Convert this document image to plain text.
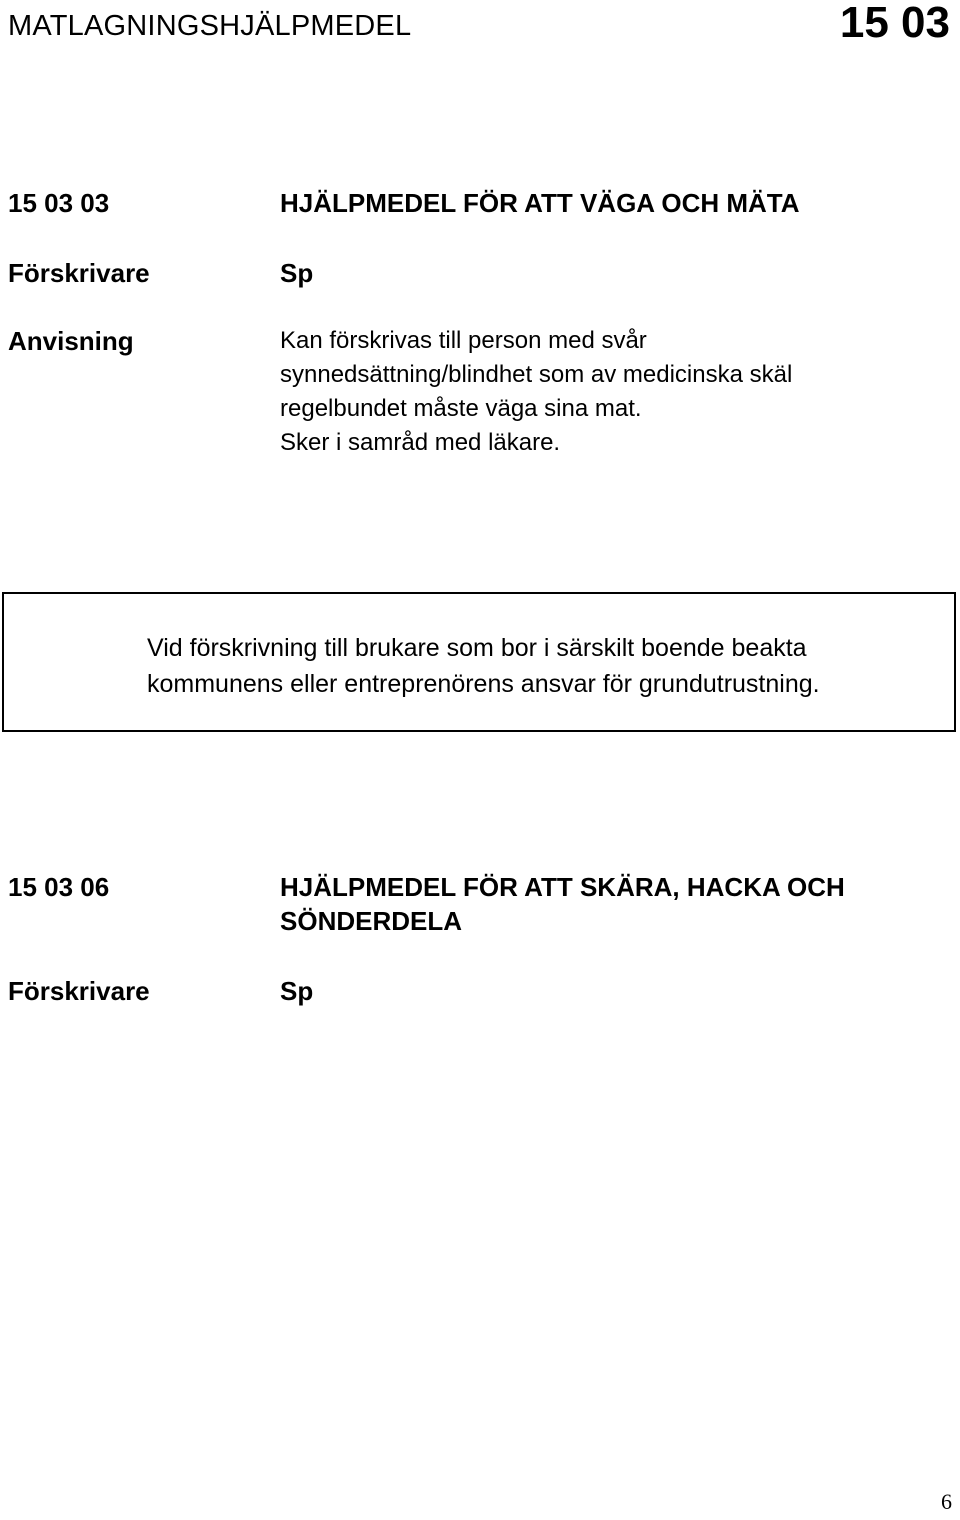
MATLAGNINGSHJÄLPMEDEL	15 03
15 03 03	HJÄLPMEDEL FÖR ATT VÄGA OCH MÄTA
Förskrivare	Sp
Anvisning	Kan förskrivas till person med svår
synnedsättning/blindhet som av medicinska skäl
regelbundet måste väga sina mat.
Sker i samråd med läkare.
Vid förskrivning till brukare som bor i särskilt boende beakta
kommunens eller entreprenörens ansvar för grundutrustning.
15 03 06	HJÄLPMEDEL FÖR ATT SKÄRA, HACKA OCH
SÖNDERDELA
Förskrivare	Sp
6
